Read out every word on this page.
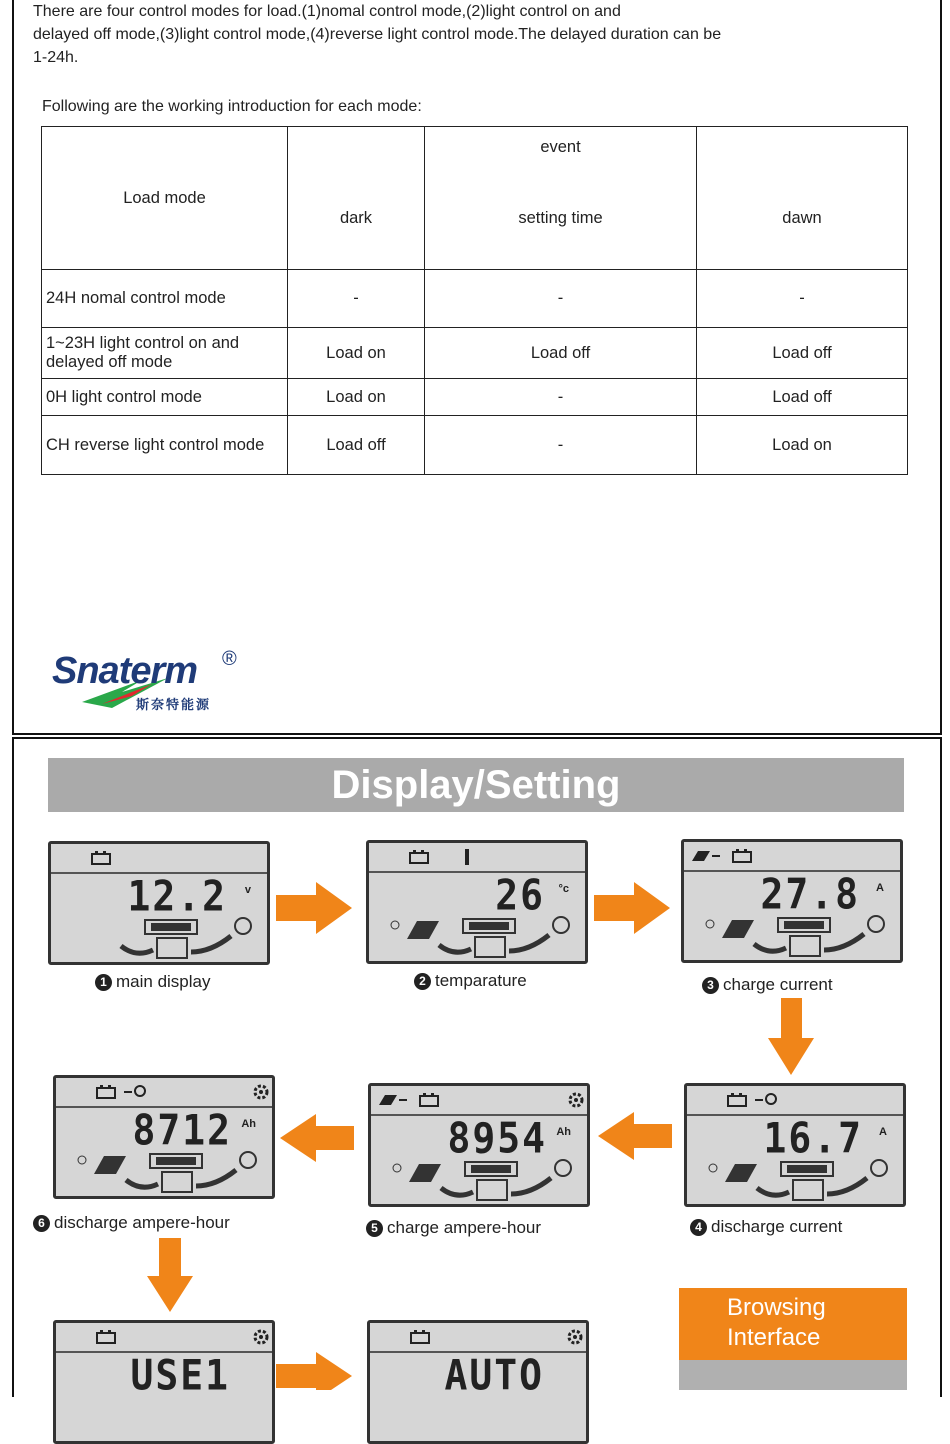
There are four control modes for load.(1)nomal control mode,(2)light control on and
delayed off mode,(3)light control mode,(4)reverse light control mode.The delayed duration can be
1-24h.
Following are the working introduction for each mode:
Load mode		event	
	dark	setting time	dawn
24H nomal control mode	-	-	-
1~23H light control on and delayed off mode	Load on	Load off	Load off
0H light control mode	Load on	-	Load off
CH reverse light control mode	Load off	-	Load on
Snaterm ®
斯奈特能源
Display/Setting
12.2 v
1 main display
26 °c
2 temparature
27.8 A
3 charge current
16.7 A
4 discharge current
8954 Ah
5 charge ampere-hour
8712 Ah
6 discharge ampere-hour
USE1	AUTO
Browsing
Interface
